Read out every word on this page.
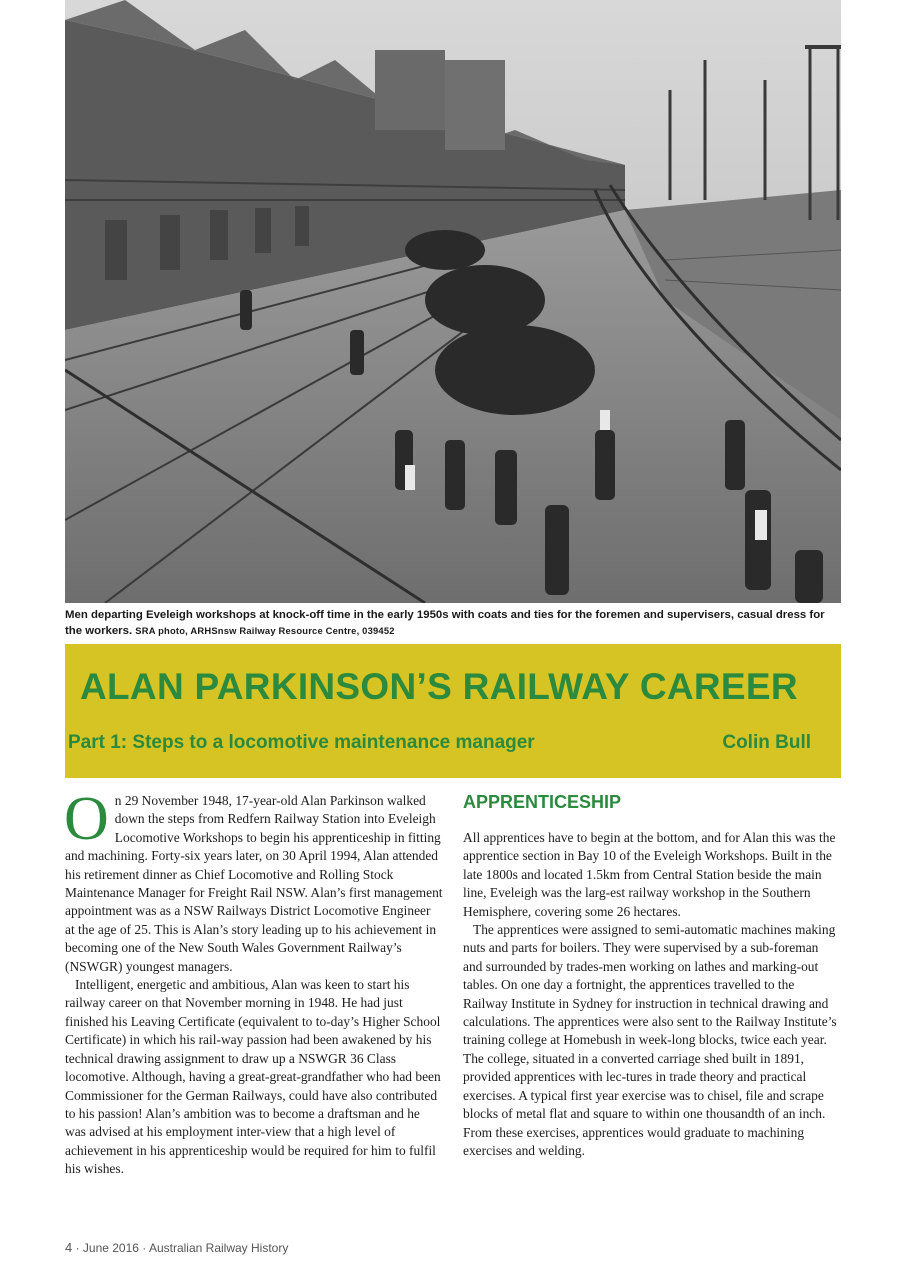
Men departing Eveleigh workshops at knock-off time in the early 1950s with coats and ties for the foremen and supervisers, casual dress for the workers. SRA photo, ARHSnsw Railway Resource Centre, 039452
ALAN PARKINSON’S RAILWAY CAREER
Part 1: Steps to a locomotive maintenance manager	Colin Bull

On 29 November 1948, 17-year-old Alan Parkinson walked down the steps from Redfern Railway Station into Eveleigh Locomotive Workshops to begin his apprenticeship in fitting and machining. Forty-six years later, on 30 April 1994, Alan attended his retirement dinner as Chief Locomotive and Rolling Stock Maintenance Manager for Freight Rail NSW. Alan’s first management appointment was as a NSW Railways District Locomotive Engineer at the age of 25. This is Alan’s story leading up to his achievement in becoming one of the New South Wales Government Railway’s (NSWGR) youngest managers.

Intelligent, energetic and ambitious, Alan was keen to start his railway career on that November morning in 1948. He had just finished his Leaving Certificate (equivalent to to-day’s Higher School Certificate) in which his rail-way passion had been awakened by his technical drawing assignment to draw up a NSWGR 36 Class locomotive. Although, having a great-great-grandfather who had been Commissioner for the German Railways, could have also contributed to his passion! Alan’s ambition was to become a draftsman and he was advised at his employment inter-view that a high level of achievement in his apprenticeship would be required for him to fulfil his wishes.

APPRENTICESHIP

All apprentices have to begin at the bottom, and for Alan this was the apprentice section in Bay 10 of the Eveleigh Workshops. Built in the late 1800s and located 1.5km from Central Station beside the main line, Eveleigh was the larg-est railway workshop in the Southern Hemisphere, covering some 26 hectares.

The apprentices were assigned to semi-automatic machines making nuts and parts for boilers. They were supervised by a sub-foreman and surrounded by trades-men working on lathes and marking-out tables. On one day a fortnight, the apprentices travelled to the Railway Institute in Sydney for instruction in technical drawing and calculations. The apprentices were also sent to the Railway Institute’s training college at Homebush in week-long blocks, twice each year. The college, situated in a converted carriage shed built in 1891, provided apprentices with lec-tures in trade theory and practical exercises. A typical first year exercise was to chisel, file and scrape blocks of metal flat and square to within one thousandth of an inch. From these exercises, apprentices would graduate to machining exercises and welding.

4 · June 2016 · Australian Railway History
